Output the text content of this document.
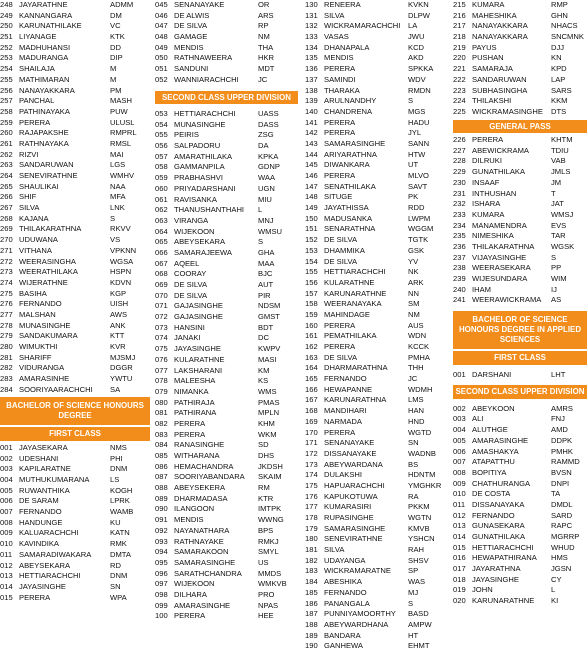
248 JAYARATHNE	ADMM
249 KANNANGARA	DM
250 KARUNATHILAKE	VC
251 LIYANAGE	KTK
252 MADHUHANSI	DD
253 MADURANGA	DIP
254 SHAILAJA	M
255 MATHIMARAN	M
256 NANAYAKKARA	PM
257 PANCHAL	MASH
258 PATHINAYAKA	PUW
259 PERERA	ULUSL
260 RAJAPAKSHE	RMPRL
261 RATHNAYAKA	RMSL
262 RIZVI	MAI
263 SANDARUWAN	LGS
264 SENEVIRATHNE	WMHV
265 SHAULIKAI	NAA
266 SHIF	MFA
267 SILVA	LNK
268 KAJANA	S
269 THILAKARATHNA	RKVV
270 UDUWANA	VS
271 VITHANA	VPKNN
272 WEERASINGHA	WGSA
273 WEERATHILAKA	HSPN
274 WIJERATHNE	KDVN
275 BASIHA	KGP
276 FERNANDO	UISH
277 MALSHAN	AWS
278 MUNASINGHE	ANK
279 SANDAKUMARA	KTT
280 WIMUKTHI	KVR
281 SHARIFF	MJSMJ
282 VIDURANGA	DGGR
283 AMARASINHE	YWTU
284 SOORIYAARACHCHI	SA
BACHELOR OF SCIENCE HONOURS DEGREE
FIRST CLASS
001 JAYASEKARA	NMS
002 UDESHANI	PHI
003 KAPILARATNE	DNM
004 MUTHUKUMARANA	LS
005 RUWANTHIKA	KOGH
006 DE SARAM	LPRK
007 FERNANDO	WAMB
008 HANDUNGE	KU
009 KALUARACHCHI	KATN
010 KAVINDIKA	RMK
011 SAMARADIWAKARA	DMTA
012 ABEYSEKARA	RD
013 HETTIARACHCHI	DNM
014 JAYASINGHE	SN
015 PERERA	WPA
045 SENANAYAKE	OR
046 DE ALWIS	ARS
047 DE SILVA	RP
048 GAMAGE	NM
049 MENDIS	THA
050 RATHNAWEERA	HKR
051 SANDUNI	MDT
052 WANNIARACHCHI	JC
SECOND CLASS UPPER DIVISION
053 HETTIARACHCHI	UASS
054 MUNASINGHE	DASS
055 PEIRIS	ZSG
056 SALPADORU	DA
057 AMARATHILAKA	KPKA
058 GAMMANPILA	GDNP
059 PRABHASHVI	WAA
060 PRIYADARSHANI	UGN
061 RAVISANKA	MIU
062 THANUSHANTHAHI	L
063 VIRANGA	MNJ
064 WIJEKOON	WMSU
065 ABEYSEKARA	S
066 SAMARAJEEWA	GHA
067 AQEEL	MAA
068 COORAY	BJC
069 DE SILVA	AUT
070 DE SILVA	PIR
071 GAJASINGHE	NDSM
072 GAJASINGHE	GMST
073 HANSINI	BDT
074 JANAKI	DC
075 JAYASINGHE	KWPV
076 KULARATHNE	MASI
077 LAKSHARANI	KM
078 MALEESHA	KS
079 NIMANKA	WMS
080 PATHIRAJA	PMAS
081 PATHIRANA	MPLN
082 PERERA	KHM
083 PERERA	WKM
084 RANASINGHE	SD
085 WITHARANA	DHS
086 HEMACHANDRA	JKDSH
087 SOORIYABANDARA	SKAIM
088 ABEYSEKERA	RM
089 DHARMADASA	KTR
090 ILANGOON	IMTPK
091 MENDIS	WWNG
092 NAYANATHARA	BPS
093 RATHNAYAKE	RMKJ
094 SAMARAKOON	SMYL
095 SAMARASINGHE	US
096 SARATHCHANDRA	MMDS
097 WIJEKOON	WMKVB
098 DILHARA	PRO
099 AMARASINGHE	NPAS
100 PERERA	HEE
130 RENEERA	KVKN
131 SILVA	DLPW
132 WICKRAMARACHCHI	LA
133 VASAS	JWU
134 DHANAPALA	KCD
135 MENDIS	AKD
136 PERERA	SPKKA
137 SAMINDI	WDV
138 THARAKA	RMDN
139 ARULNANDHY	S
140 CHANDRENA	MGS
141 PERERA	HADU
142 PERERA	JYL
143 SAMARASINGHE	SANN
144 ARIYARATHNA	HTW
145 DIWANKARA	UT
146 PERERA	MLVO
147 SENATHILAKA	SAVT
148 SITUGE	PK
149 JAYATHISSA	RDD
150 MADUSANKA	LWPM
151 SENARATHNA	WGGM
152 DE SILVA	TGTK
153 DHAMMIKA	GSK
154 DE SILVA	YV
155 HETTIARACHCHI	NK
156 KULARATHNE	ARK
157 KARUNARATHNE	NN
158 WEERANAYAKA	SM
159 MAHINDAGE	NM
160 PERERA	AUS
161 PEMATHILAKA	WDN
162 PERERA	KCCK
163 DE SILVA	PMHA
164 DHARMARATHNA	THH
165 FERNANDO	JC
166 HEWAPANNE	WDMH
167 KARUNARATHNA	LMS
168 MANDIHARI	HAN
169 NARMADA	HND
170 PERERA	WGTD
171 SENANAYAKE	SN
172 DISSANAYAKE	WADNB
173 ABEYWARDANA	BS
174 DULAKSHI	HDNTM
175 HAPUARACHCHI	YMGHKR
176 KAPUKOTUWA	RA
177 KUMARASIRI	PKKM
178 RUPASINGHE	WGTN
179 SAMARASINGHE	KMVB
180 SENEVIRATHNE	YSHCN
181 SILVA	RAH
182 UDAYANGA	SHSV
183 WICKRAMARATNE	SP
184 ABESHIKA	WAS
185 FERNANDO	MJ
186 PANANGALA	S
187 PUNNIYAMOORTHY	BASD
188 ABEYWARDHANA	AMPW
189 BANDARA	HT
190 GANHEWA	EHMT
215 KUMARA	RMP
216 MAHESHIKA	GHN
217 NANAYAKKARA	NHACS
218 NANAYAKKARA	SNCMNK
219 PAYUS	DJJ
220 PUSHAN	KN
221 SAMARAJA	KPD
222 SANDARUWAN	LAP
223 SUBHASINGHA	SARS
224 THILAKSHI	KKM
225 WICKRAMASINGHE	DTS
GENERAL PASS
226 PERERA	KHTM
227 ABEWICKRAMA	TDIU
228 DILRUKI	VAB
229 GUNATHILAKA	JMLS
230 INSAAF	JM
231 INTHUSHAN	T
232 ISHARA	JAT
233 KUMARA	WMSJ
234 MANAMENDRA	EVS
235 NIMESHIKA	TAR
236 THILAKARATHNA	WGSK
237 VIJAYASINGHE	S
238 WEERASEKARA	PP
239 WIJESUNDARA	WIM
240 IHAM	IJ
241 WEERAWICKRAMA	AS
BACHELOR OF SCIENCE HONOURS DEGREE IN APPLIED SCIENCES
FIRST CLASS
001 DARSHANI	LHT
SECOND CLASS UPPER DIVISION
002 ABEYKOON	AMRS
003 ALI	FNJ
004 ALUTHGE	AMD
005 AMARASINGHE	DDPK
006 AMASHAKYA	PMHK
007 ATAPATTHU	RAMMD
008 BOPITIYA	BVSN
009 CHATHURANGA	DNPI
010 DE COSTA	TA
011 DISSANAYAKA	DMDL
012 FERNANDO	SARD
013 GUNASEKARA	RAPC
014 GUNATHILAKA	MGRRP
015 HETTIARACHCHI	WHUD
016 HEWAPATHIRANA	HMS
017 JAYARATHNA	JGSN
018 JAYASINGHE	CY
019 JOHN	L
020 KARUNARATHNE	KI
